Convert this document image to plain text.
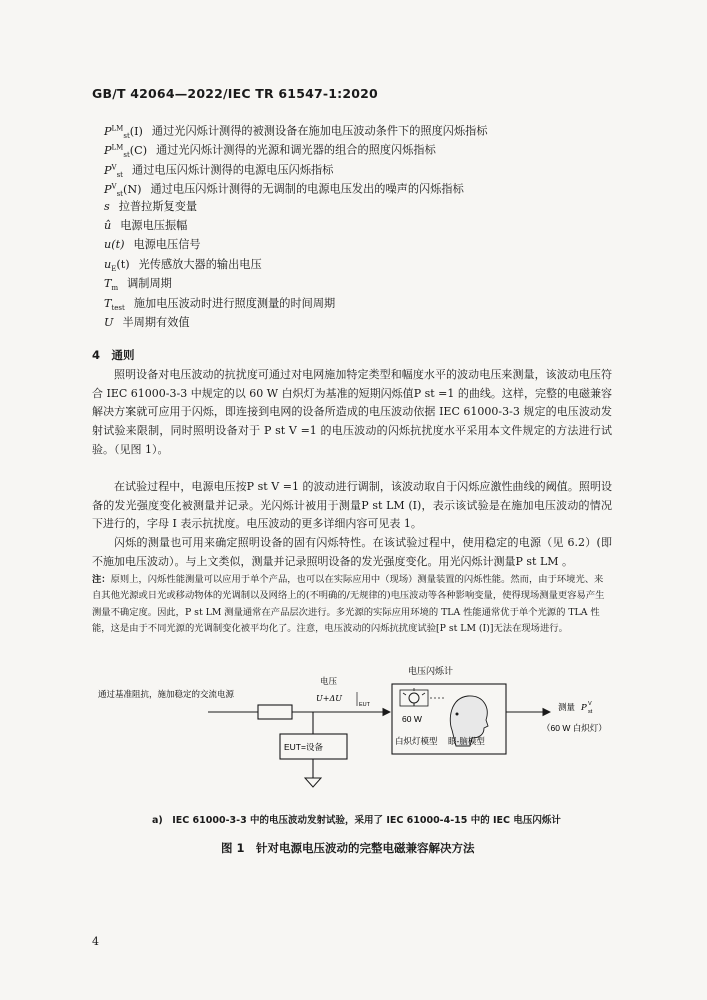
GB/T 42064—2022/IEC TR 61547-1:2020
$P^{LM}_{st}(I)$ 通过光闪烁计测得的被测设备在施加电压波动条件下的照度闪烁指标
$P^{LM}_{st}(C)$ 通过光闪烁计测得的光源和调光器的组合的照度闪烁指标
$P^V_{st}$ 通过电压闪烁计测得的电源电压闪烁指标
$P^V_{st}(N)$ 通过电压闪烁计测得的无调制的电源电压发出的噪声的闪烁指标
s 拉普拉斯复变量
û 电源电压振幅
u(t) 电源电压信号
$u_E(t)$ 光传感放大器的输出电压
$T_m$ 调制周期
$T_{test}$ 施加电压波动时进行照度测量的时间周期
U 半周期有效值
4　通则

照明设备对电压波动的抗扰度可通过对电网施加特定类型和幅度水平的波动电压来测量，该波动电压符合 IEC 61000-3-3 中规定的以 60 W 白炽灯为基准的短期闪烁值P st =1 的曲线。这样，完整的电磁兼容解决方案就可应用于闪烁，即连接到电网的设备所造成的电压波动依据 IEC 61000-3-3 规定的电压波动发射试验来限制，同时照明设备对于 P st V =1 的电压波动的闪烁抗扰度水平采用本文件规定的方法进行试验。（见图 1）。

在试验过程中，电源电压按P st V =1 的波动进行调制，该波动取自于闪烁应激性曲线的阈值。照明设备的发光强度变化被测量并记录。光闪烁计被用于测量P st LM (I)，表示该试验是在施加电压波动的情况下进行的，字母 I 表示抗扰度。电压波动的更多详细内容可见表 1。

闪烁的测量也可用来确定照明设备的固有闪烁特性。在该试验过程中，使用稳定的电源（见 6.2）(即不施加电压波动）。与上文类似，测量并记录照明设备的发光强度变化。用光闪烁计测量P st LM 。

注：原则上，闪烁性能测量可以应用于单个产品，也可以在实际应用中（现场）测量装置的闪烁性能。然而，由于环境光、来自其他光源或日光或移动物体的光调制以及网络上的(不明确的/无规律的)电压波动等各种影响变量，使得现场测量更容易产生测量不确定度。因此，P st LM 测量通常在产品层次进行。多光源的实际应用环境的 TLA 性能通常优于单个光源的 TLA 性能，这是由于不同光源的光调制变化被平均化了。注意，电压波动的闪烁抗扰度试验[P st LM (I)]无法在现场进行。
通过基准阻抗，施加稳定的交流电源
电压
U+ΔU
EUT
EUT=设备
电压闪烁计
60 W
白炽灯模型 眼-脑模型
测量 P V
st
（60 W 白炽灯）
a)　IEC 61000-3-3 中的电压波动发射试验，采用了 IEC 61000-4-15 中的 IEC 电压闪烁计
图 1　针对电源电压波动的完整电磁兼容解决方法
4
